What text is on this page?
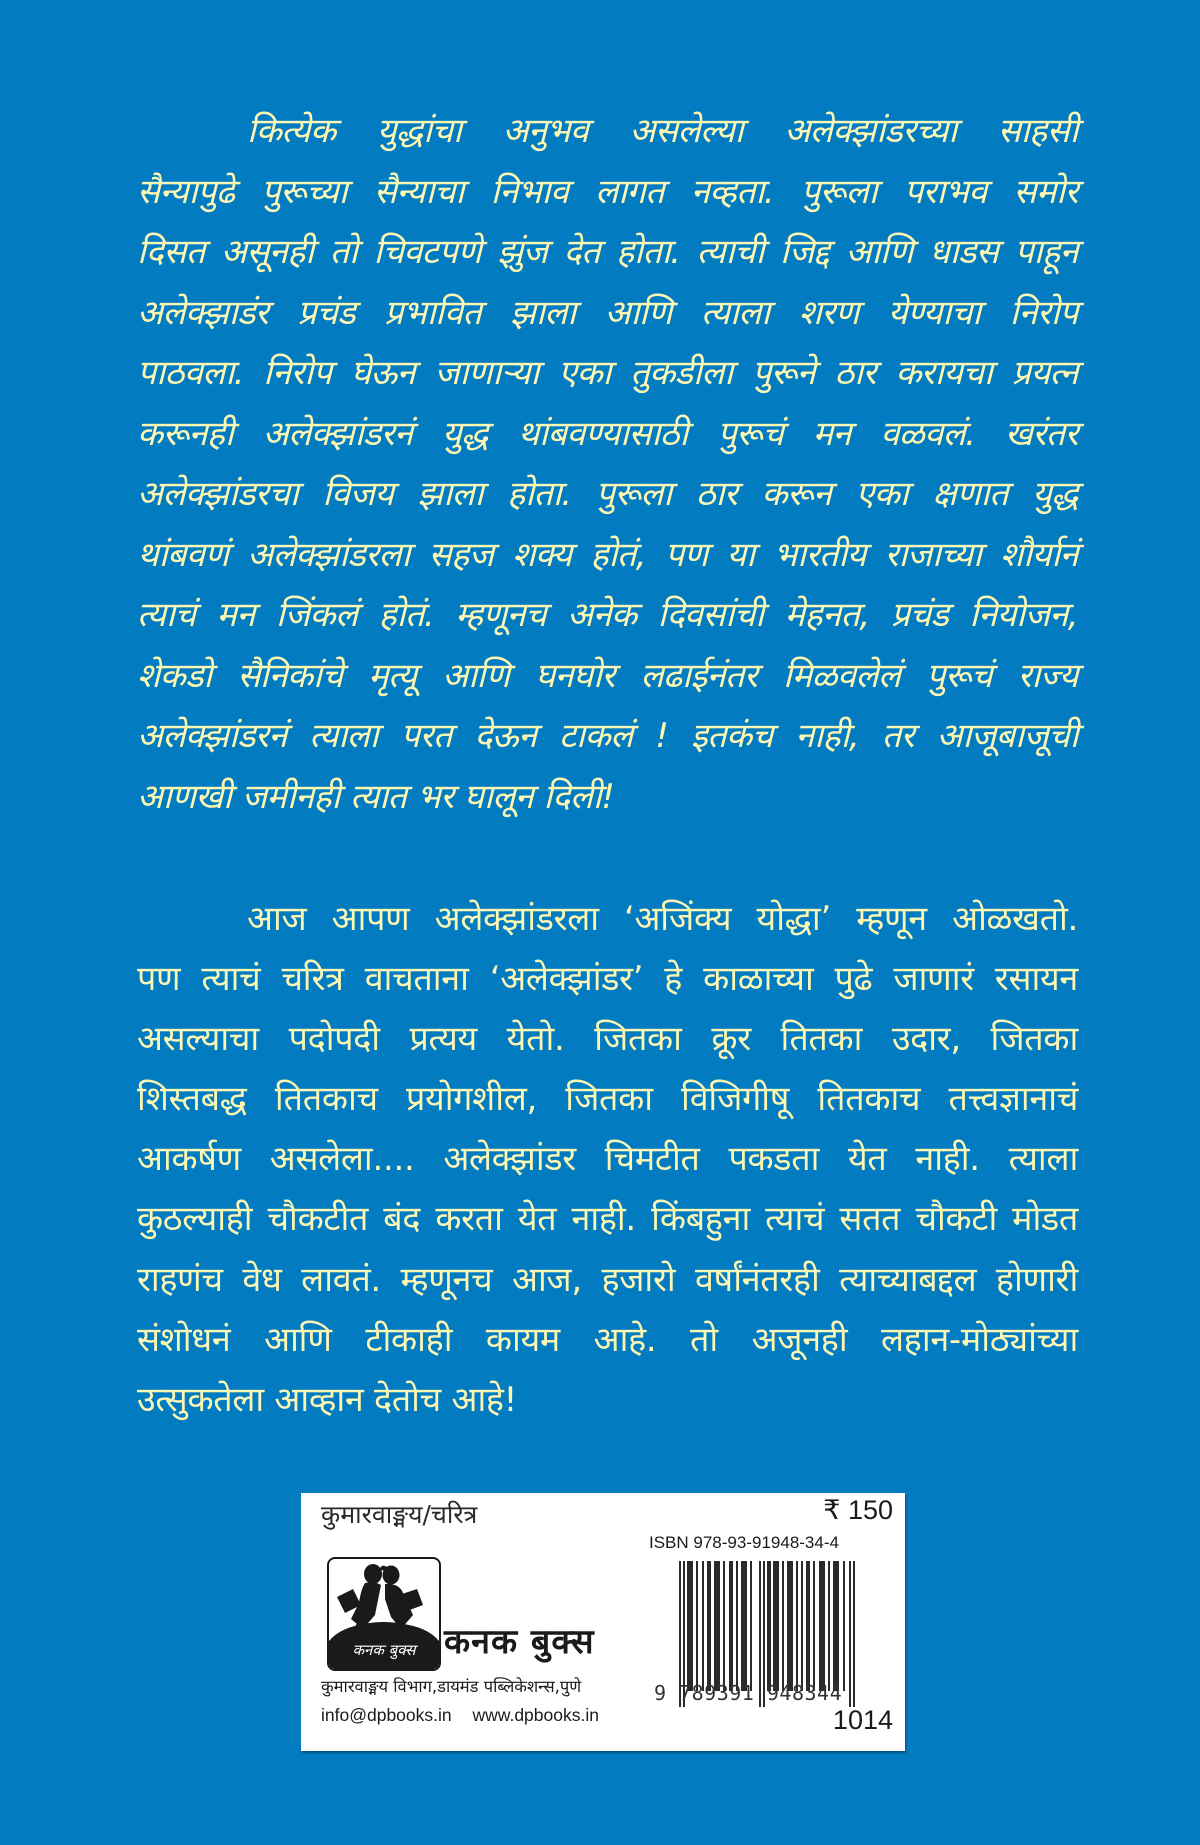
कित्येक युद्धांचा अनुभव असलेल्या अलेक्झांडरच्या साहसी
सैन्यापुढे पुरूच्या सैन्याचा निभाव लागत नव्हता. पुरूला पराभव समोर
दिसत असूनही तो चिवटपणे झुंज देत होता. त्याची जिद्द आणि धाडस पाहून
अलेक्झाडंर प्रचंड प्रभावित झाला आणि त्याला शरण येण्याचा निरोप
पाठवला. निरोप घेऊन जाणाऱ्या एका तुकडीला पुरूने ठार करायचा प्रयत्न
करूनही अलेक्झांडरनं युद्ध थांबवण्यासाठी पुरूचं मन वळवलं. खरंतर
अलेक्झांडरचा विजय झाला होता. पुरूला ठार करून एका क्षणात युद्ध
थांबवणं अलेक्झांडरला सहज शक्य होतं, पण या भारतीय राजाच्या शौर्यानं
त्याचं मन जिंकलं होतं. म्हणूनच अनेक दिवसांची मेहनत, प्रचंड नियोजन,
शेकडो सैनिकांचे मृत्यू आणि घनघोर लढाईनंतर मिळवलेलं पुरूचं राज्य
अलेक्झांडरनं त्याला परत देऊन टाकलं ! इतकंच नाही, तर आजूबाजूची
आणखी जमीनही त्यात भर घालून दिली!
आज आपण अलेक्झांडरला ‘अजिंक्य योद्धा’ म्हणून ओळखतो.
पण त्याचं चरित्र वाचताना ‘अलेक्झांडर’ हे काळाच्या पुढे जाणारं रसायन
असल्याचा पदोपदी प्रत्यय येतो. जितका क्रूर तितका उदार, जितका
शिस्तबद्ध तितकाच प्रयोगशील, जितका विजिगीषू तितकाच तत्त्वज्ञानाचं
आकर्षण असलेला.... अलेक्झांडर चिमटीत पकडता येत नाही. त्याला
कुठल्याही चौकटीत बंद करता येत नाही. किंबहुना त्याचं सतत चौकटी मोडत
राहणंच वेध लावतं. म्हणूनच आज, हजारो वर्षांनंतरही त्याच्याबद्दल होणारी
संशोधनं आणि टीकाही कायम आहे. तो अजूनही लहान-मोठ्यांच्या
उत्सुकतेला आव्हान देतोच आहे!
कुमारवाङ्मय/चरित्र	₹ 150
कनक बुक्स कनक बुक्स
कुमारवाङ्मय विभाग,डायमंड पब्लिकेशन्स,पुणे
info@dpbooks.in www.dpbooks.in
ISBN 978-93-91948-34-4
9 789391 948344
1014
